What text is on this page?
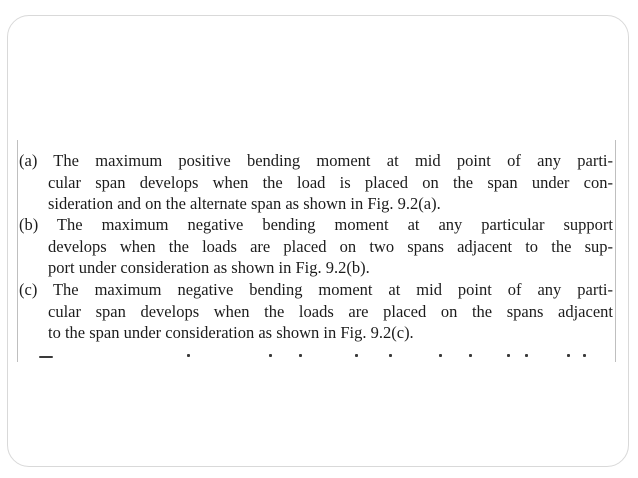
(a) The maximum positive bending moment at mid point of any parti-
cular span develops when the load is placed on the span under con-
sideration and on the alternate span as shown in Fig. 9.2(a).
(b) The maximum negative bending moment at any particular support
develops when the loads are placed on two spans adjacent to the sup-
port under consideration as shown in Fig. 9.2(b).
(c) The maximum negative bending moment at mid point of any parti-
cular span develops when the loads are placed on the spans adjacent
to the span under consideration as shown in Fig. 9.2(c).
